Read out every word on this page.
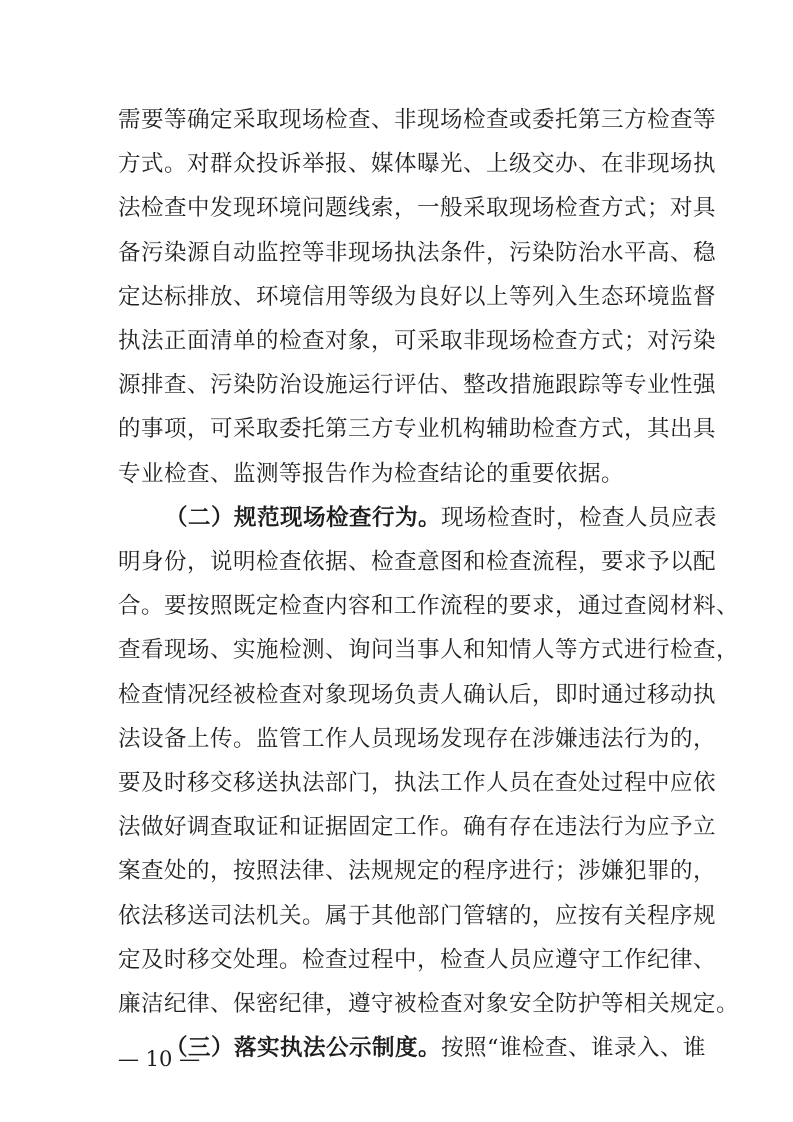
需要等确定采取现场检查、非现场检查或委托第三方检查等
方式。对群众投诉举报、媒体曝光、上级交办、在非现场执
法检查中发现环境问题线索，一般采取现场检查方式；对具
备污染源自动监控等非现场执法条件，污染防治水平高、稳
定达标排放、环境信用等级为良好以上等列入生态环境监督
执法正面清单的检查对象，可采取非现场检查方式；对污染
源排查、污染防治设施运行评估、整改措施跟踪等专业性强
的事项，可采取委托第三方专业机构辅助检查方式，其出具
专业检查、监测等报告作为检查结论的重要依据。
（二）规范现场检查行为。现场检查时，检查人员应表
明身份，说明检查依据、检查意图和检查流程，要求予以配
合。要按照既定检查内容和工作流程的要求，通过查阅材料、
查看现场、实施检测、询问当事人和知情人等方式进行检查，
检查情况经被检查对象现场负责人确认后，即时通过移动执
法设备上传。监管工作人员现场发现存在涉嫌违法行为的，
要及时移交移送执法部门，执法工作人员在查处过程中应依
法做好调查取证和证据固定工作。确有存在违法行为应予立
案查处的，按照法律、法规规定的程序进行；涉嫌犯罪的，
依法移送司法机关。属于其他部门管辖的，应按有关程序规
定及时移交处理。检查过程中，检查人员应遵守工作纪律、
廉洁纪律、保密纪律，遵守被检查对象安全防护等相关规定。
— 10 —
（三）落实执法公示制度。按照“谁检查、谁录入、谁
